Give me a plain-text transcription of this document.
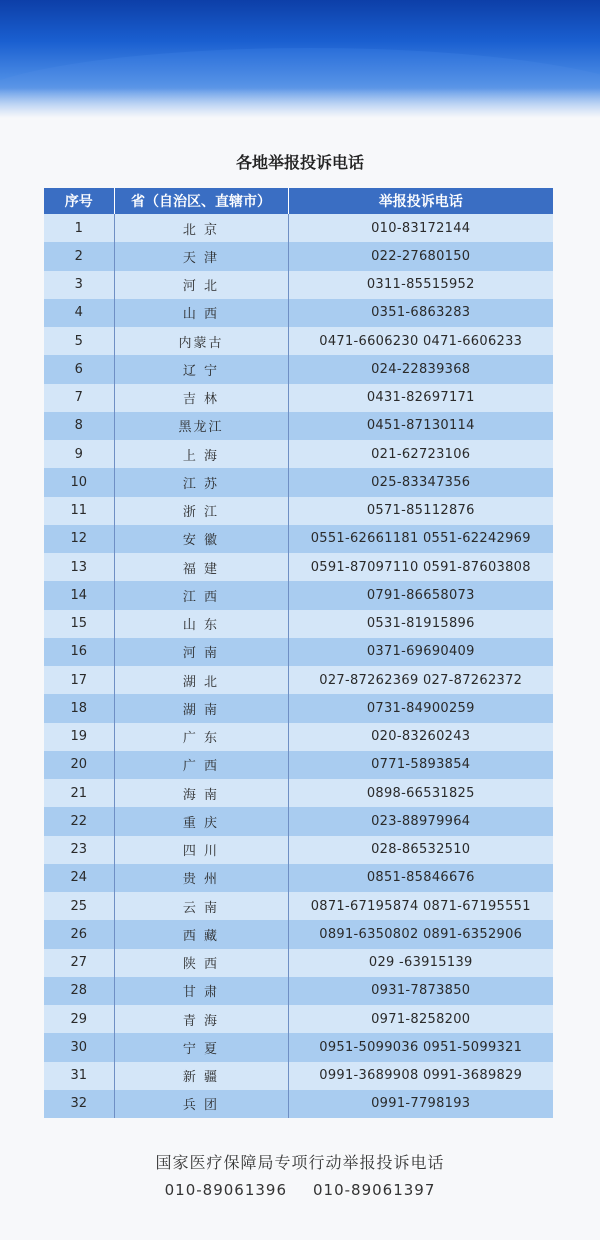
各地举报投诉电话
序号	省（自治区、直辖市）	举报投诉电话
1	北 京	010-83172144
2	天 津	022-27680150
3	河 北	0311-85515952
4	山 西	0351-6863283
5	内蒙古	0471-6606230 0471-6606233
6	辽 宁	024-22839368
7	吉 林	0431-82697171
8	黑龙江	0451-87130114
9	上 海	021-62723106
10	江 苏	025-83347356
11	浙 江	0571-85112876
12	安 徽	0551-62661181 0551-62242969
13	福 建	0591-87097110 0591-87603808
14	江 西	0791-86658073
15	山 东	0531-81915896
16	河 南	0371-69690409
17	湖 北	027-87262369 027-87262372
18	湖 南	0731-84900259
19	广 东	020-83260243
20	广 西	0771-5893854
21	海 南	0898-66531825
22	重 庆	023-88979964
23	四 川	028-86532510
24	贵 州	0851-85846676
25	云 南	0871-67195874 0871-67195551
26	西 藏	0891-6350802 0891-6352906
27	陕 西	029 -63915139
28	甘 肃	0931-7873850
29	青 海	0971-8258200
30	宁 夏	0951-5099036 0951-5099321
31	新 疆	0991-3689908 0991-3689829
32	兵 团	0991-7798193
国家医疗保障局专项行动举报投诉电话
010-89061396 010-89061397
